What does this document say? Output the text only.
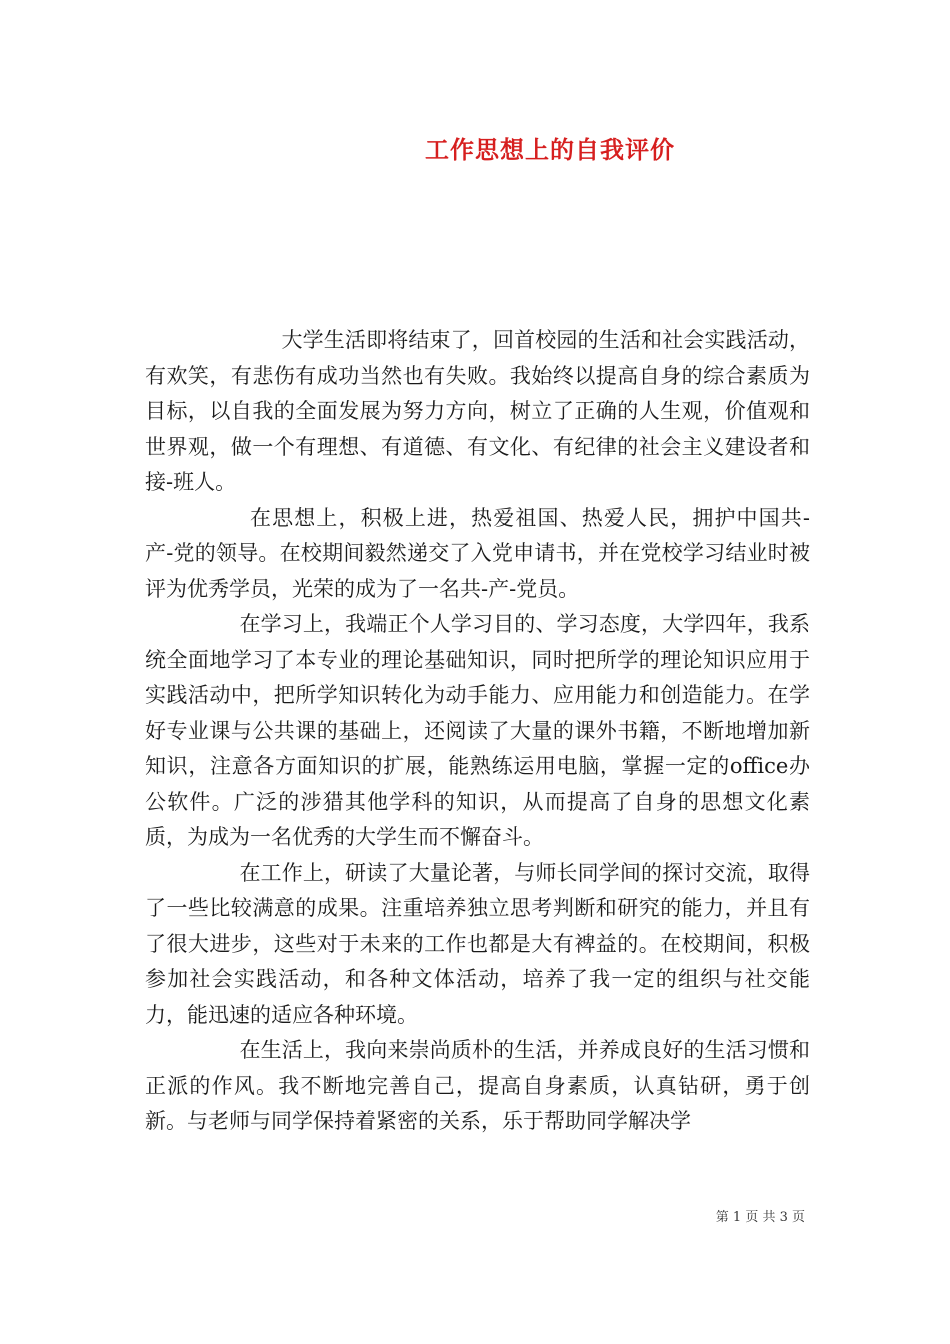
工作思想上的自我评价

大学生活即将结束了，回首校园的生活和社会实践活动，有欢笑，有悲伤有成功当然也有失败。我始终以提高自身的综合素质为目标，以自我的全面发展为努力方向，树立了正确的人生观，价值观和世界观，做一个有理想、有道德、有文化、有纪律的社会主义建设者和接-班人。

在思想上，积极上进，热爱祖国、热爱人民，拥护中国共-产-党的领导。在校期间毅然递交了入党申请书，并在党校学习结业时被评为优秀学员，光荣的成为了一名共-产-党员。

在学习上，我端正个人学习目的、学习态度，大学四年，我系统全面地学习了本专业的理论基础知识，同时把所学的理论知识应用于实践活动中，把所学知识转化为动手能力、应用能力和创造能力。在学好专业课与公共课的基础上，还阅读了大量的课外书籍，不断地增加新知识，注意各方面知识的扩展，能熟练运用电脑，掌握一定的office办公软件。广泛的涉猎其他学科的知识，从而提高了自身的思想文化素质，为成为一名优秀的大学生而不懈奋斗。

在工作上，研读了大量论著，与师长同学间的探讨交流，取得了一些比较满意的成果。注重培养独立思考判断和研究的能力，并且有了很大进步，这些对于未来的工作也都是大有裨益的。在校期间，积极参加社会实践活动，和各种文体活动，培养了我一定的组织与社交能力，能迅速的适应各种环境。

在生活上，我向来崇尚质朴的生活，并养成良好的生活习惯和正派的作风。我不断地完善自己，提高自身素质，认真钻研，勇于创新。与老师与同学保持着紧密的关系，乐于帮助同学解决学

第 1 页 共 3 页
